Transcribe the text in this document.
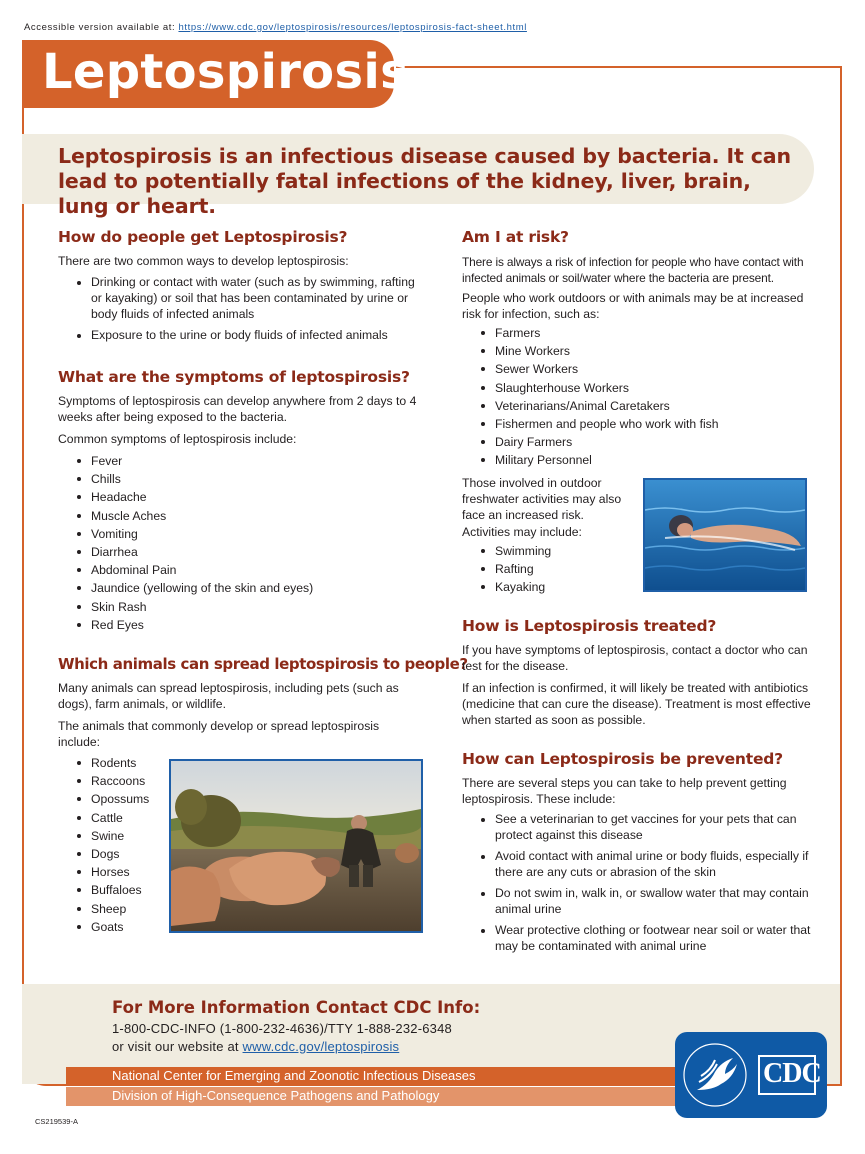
Accessible version available at: https://www.cdc.gov/leptospirosis/resources/leptospirosis-fact-sheet.html
Leptospirosis

Leptospirosis is an infectious disease caused by bacteria. It can lead to potentially fatal infections of the kidney, liver, brain, lung or heart.

How do people get Leptospirosis?
There are two common ways to develop leptospirosis:
Drinking or contact with water (such as by swimming, rafting or kayaking) or soil that has been contaminated by urine or body fluids of infected animals
Exposure to the urine or body fluids of infected animals
What are the symptoms of leptospirosis?
Symptoms of leptospirosis can develop anywhere from 2 days to 4 weeks after being exposed to the bacteria.
Common symptoms of leptospirosis include:
Fever
Chills
Headache
Muscle Aches
Vomiting
Diarrhea
Abdominal Pain
Jaundice (yellowing of the skin and eyes)
Skin Rash
Red Eyes
Which animals can spread leptospirosis to people?
Many animals can spread leptospirosis, including pets (such as dogs), farm animals, or wildlife.
The animals that commonly develop or spread leptospirosis include:
Rodents
Raccoons
Opossums
Cattle
Swine
Dogs
Horses
Buffaloes
Sheep
Goats
Am I at risk?
There is always a risk of infection for people who have contact with infected animals or soil/water where the bacteria are present.
People who work outdoors or with animals may be at increased risk for infection, such as:
Farmers
Mine Workers
Sewer Workers
Slaughterhouse Workers
Veterinarians/Animal Caretakers
Fishermen and people who work with fish
Dairy Farmers
Military Personnel
Those involved in outdoor freshwater activities may also face an increased risk. Activities may include:
Swimming
Rafting
Kayaking
How is Leptospirosis treated?
If you have symptoms of leptospirosis, contact a doctor who can test for the disease.
If an infection is confirmed, it will likely be treated with antibiotics (medicine that can cure the disease). Treatment is most effective when started as soon as possible.
How can Leptospirosis be prevented?
There are several steps you can take to help prevent getting leptospirosis. These include:
See a veterinarian to get vaccines for your pets that can protect against this disease
Avoid contact with animal urine or body fluids, especially if there are any cuts or abrasion of the skin
Do not swim in, walk in, or swallow water that may contain animal urine
Wear protective clothing or footwear near soil or water that may be contaminated with animal urine
For More Information Contact CDC Info:
1-800-CDC-INFO (1-800-232-4636)/TTY 1-888-232-6348
or visit our website at www.cdc.gov/leptospirosis
National Center for Emerging and Zoonotic Infectious Diseases
Division of High-Consequence Pathogens and Pathology
CDC
CS219539-A
